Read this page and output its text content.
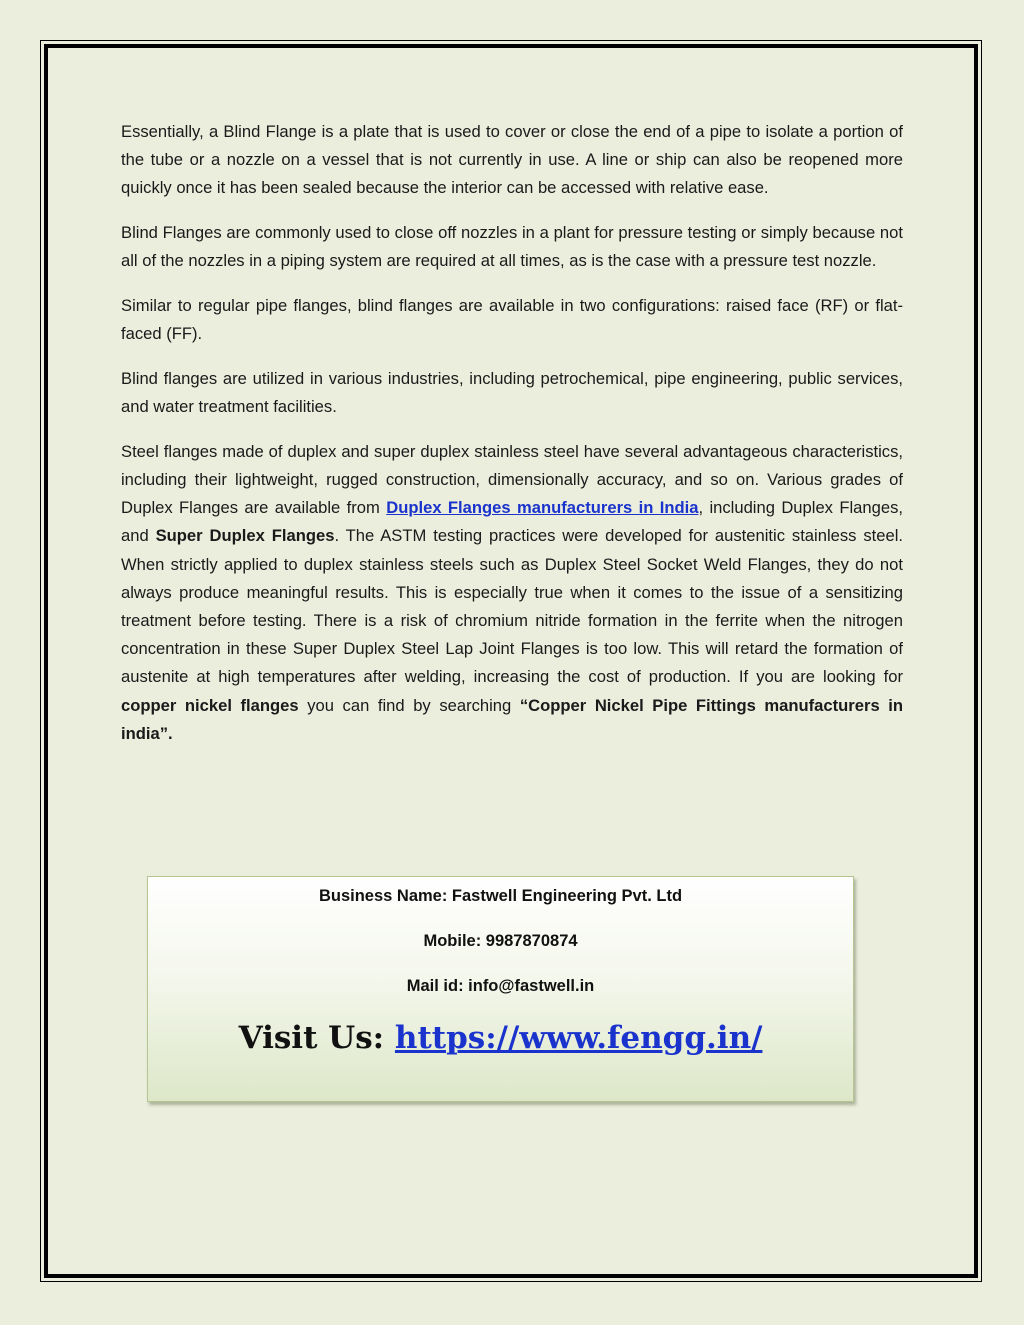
Essentially, a Blind Flange is a plate that is used to cover or close the end of a pipe to isolate a portion of the tube or a nozzle on a vessel that is not currently in use. A line or ship can also be reopened more quickly once it has been sealed because the interior can be accessed with relative ease.

Blind Flanges are commonly used to close off nozzles in a plant for pressure testing or simply because not all of the nozzles in a piping system are required at all times, as is the case with a pressure test nozzle.

Similar to regular pipe flanges, blind flanges are available in two configurations: raised face (RF) or flat-faced (FF).

Blind flanges are utilized in various industries, including petrochemical, pipe engineering, public services, and water treatment facilities.

Steel flanges made of duplex and super duplex stainless steel have several advantageous characteristics, including their lightweight, rugged construction, dimensionally accuracy, and so on. Various grades of Duplex Flanges are available from Duplex Flanges manufacturers in India, including Duplex Flanges, and Super Duplex Flanges. The ASTM testing practices were developed for austenitic stainless steel. When strictly applied to duplex stainless steels such as Duplex Steel Socket Weld Flanges, they do not always produce meaningful results. This is especially true when it comes to the issue of a sensitizing treatment before testing. There is a risk of chromium nitride formation in the ferrite when the nitrogen concentration in these Super Duplex Steel Lap Joint Flanges is too low. This will retard the formation of austenite at high temperatures after welding, increasing the cost of production. If you are looking for copper nickel flanges you can find by searching “Copper Nickel Pipe Fittings manufacturers in india”.

Business Name: Fastwell Engineering Pvt. Ltd
Mobile: 9987870874
Mail id: info@fastwell.in
Visit Us: https://www.fengg.in/
